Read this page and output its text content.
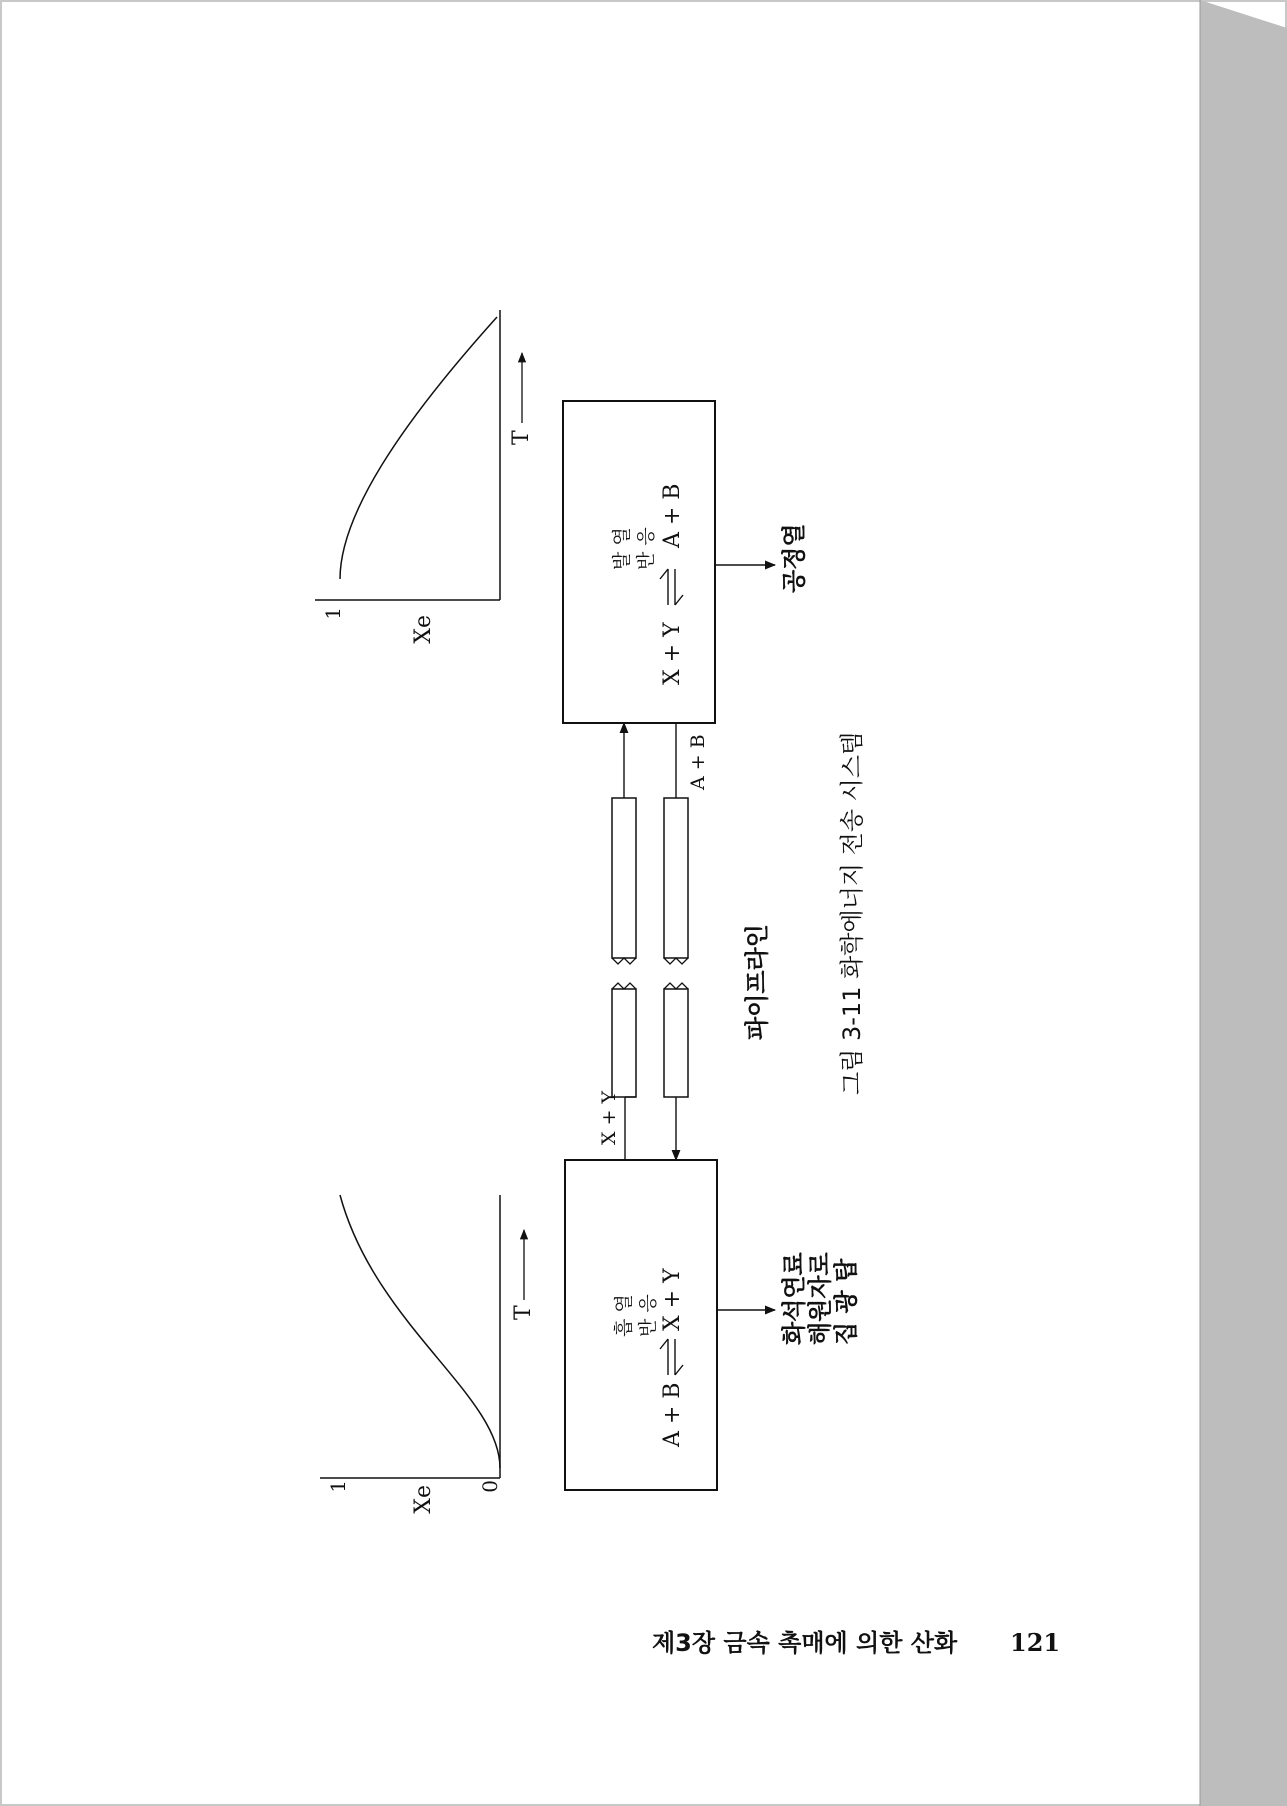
1	Xe 0
T	흡 열 반 응
A + B
X + Y	화석연료
해원자로
집 광 탑
X + Y
A + B
파이프라인
발 열 반 응
X + Y
A + B
공정열
1
Xe
T
그림 3-11 화학에너지 전송 시스템
제3장 금속 촉매에 의한 산화 121
